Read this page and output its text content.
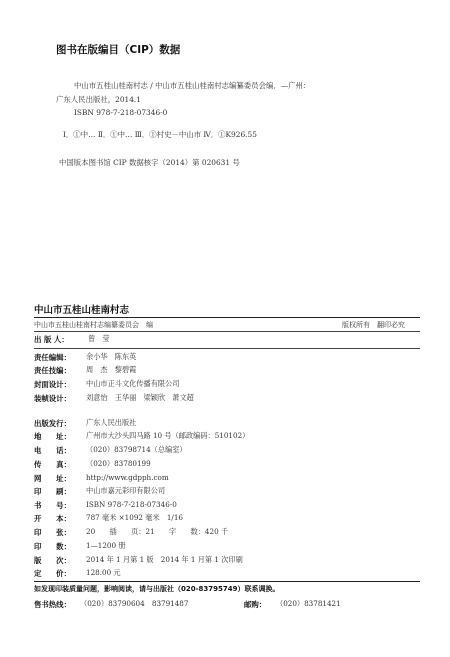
图书在版编目（CIP）数据
中山市五桂山桂南村志 / 中山市五桂山桂南村志编纂委员会编．—广州：
广东人民出版社，2014.1
ISBN 978-7-218-07346-0
Ⅰ．①中… Ⅱ．①中… Ⅲ．①村史－中山市 Ⅳ．①K926.55
中国版本图书馆 CIP 数据核字（2014）第 020631 号
中山市五桂山桂南村志
中山市五桂山桂南村志编纂委员会　编	版权所有　翻印必究
出 版 人：	曾　莹
责任编辑： 余小华　陈东英
责任技编： 周　杰　黎碧霞
封面设计： 中山市正斗文化传播有限公司
装帧设计： 刘意怡　王华丽　梁颖欣　萧文超
出版发行： 广东人民出版社
地　　址： 广州市大沙头四马路 10 号（邮政编码：510102）
电　　话： （020）83798714（总编室）
传　　真： （020）83780199
网　　址： http://www.gdpph.com
印　　刷： 中山市嘉元彩印有限公司
书　　号： ISBN 978-7-218-07346-0
开　　本： 787 毫米 ×1092 毫米　1/16
印　　张： 20　　插　　页：21　　字　　数：420 千
印　　数： 1—1200 册
版　　次： 2014 年 1 月第 1 版　2014 年 1 月第 1 次印刷
定　　价： 128.00 元
如发现印装质量问题，影响阅读，请与出版社（020-83795749）联系调换。
售书热线： （020）83790604　83791487	邮购： （020）83781421
